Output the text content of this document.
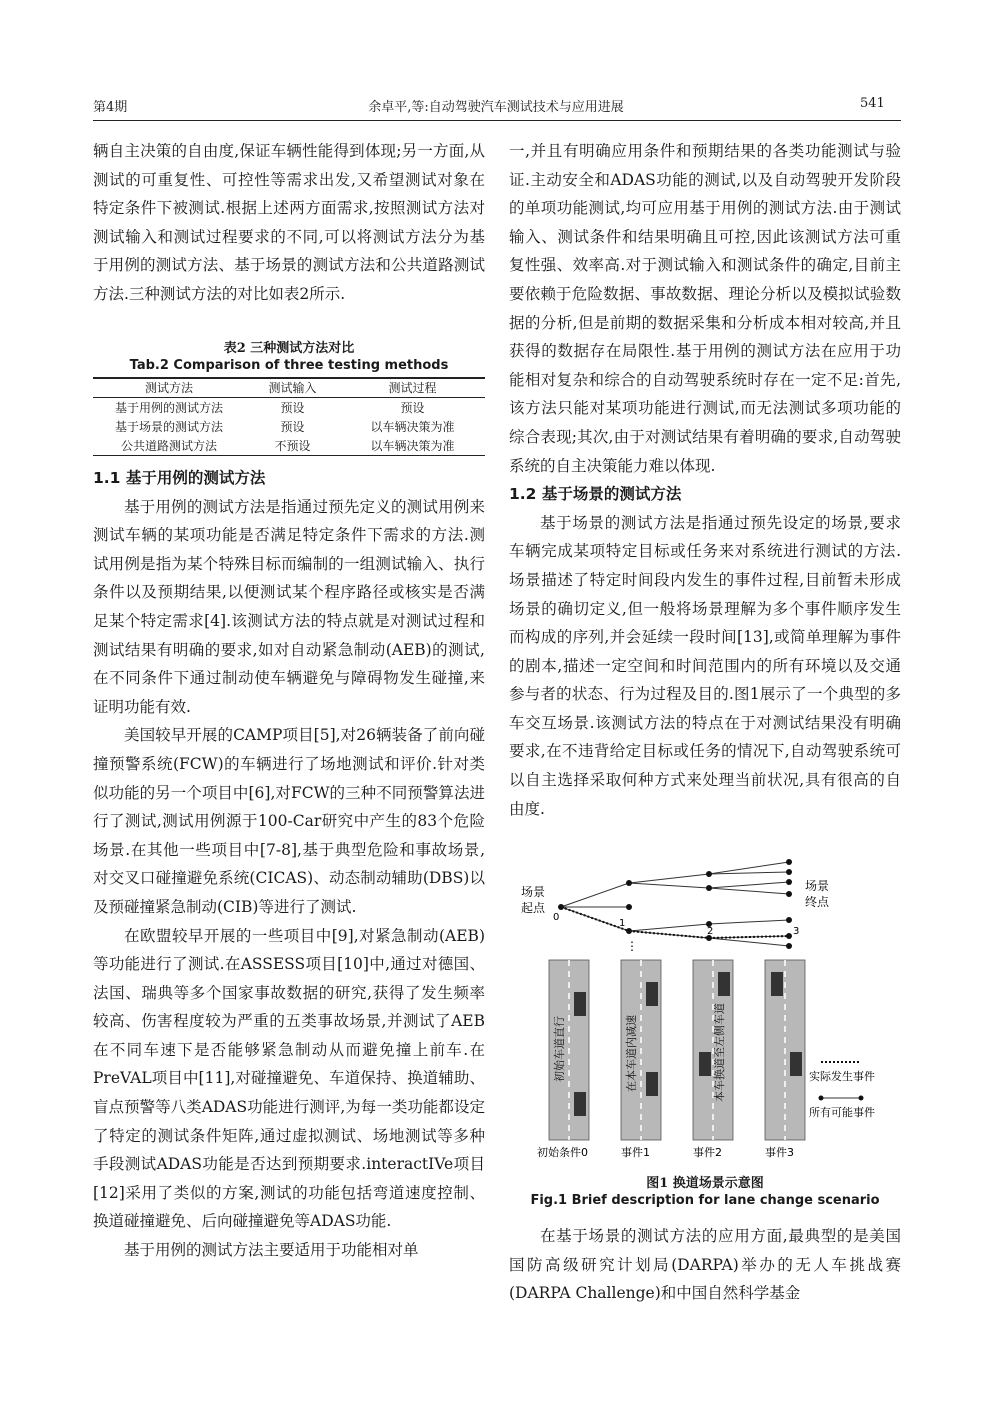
第4期	余卓平,等:自动驾驶汽车测试技术与应用进展	541

辆自主决策的自由度,保证车辆性能得到体现;另一方面,从测试的可重复性、可控性等需求出发,又希望测试对象在特定条件下被测试.根据上述两方面需求,按照测试方法对测试输入和测试过程要求的不同,可以将测试方法分为基于用例的测试方法、基于场景的测试方法和公共道路测试方法.三种测试方法的对比如表2所示.

表2 三种测试方法对比
Tab.2 Comparison of three testing methods
测试方法	测试输入	测试过程
基于用例的测试方法	预设	预设
基于场景的测试方法	预设	以车辆决策为准
公共道路测试方法	不预设	以车辆决策为准
1.1 基于用例的测试方法

基于用例的测试方法是指通过预先定义的测试用例来测试车辆的某项功能是否满足特定条件下需求的方法.测试用例是指为某个特殊目标而编制的一组测试输入、执行条件以及预期结果,以便测试某个程序路径或核实是否满足某个特定需求[4].该测试方法的特点就是对测试过程和测试结果有明确的要求,如对自动紧急制动(AEB)的测试,在不同条件下通过制动使车辆避免与障碍物发生碰撞,来证明功能有效.

美国较早开展的CAMP项目[5],对26辆装备了前向碰撞预警系统(FCW)的车辆进行了场地测试和评价.针对类似功能的另一个项目中[6],对FCW的三种不同预警算法进行了测试,测试用例源于100-Car研究中产生的83个危险场景.在其他一些项目中[7-8],基于典型危险和事故场景,对交叉口碰撞避免系统(CICAS)、动态制动辅助(DBS)以及预碰撞紧急制动(CIB)等进行了测试.

在欧盟较早开展的一些项目中[9],对紧急制动(AEB)等功能进行了测试.在ASSESS项目[10]中,通过对德国、法国、瑞典等多个国家事故数据的研究,获得了发生频率较高、伤害程度较为严重的五类事故场景,并测试了AEB在不同车速下是否能够紧急制动从而避免撞上前车.在PreVAL项目中[11],对碰撞避免、车道保持、换道辅助、盲点预警等八类ADAS功能进行测评,为每一类功能都设定了特定的测试条件矩阵,通过虚拟测试、场地测试等多种手段测试ADAS功能是否达到预期要求.interactIVe项目[12]采用了类似的方案,测试的功能包括弯道速度控制、换道碰撞避免、后向碰撞避免等ADAS功能.

基于用例的测试方法主要适用于功能相对单

一,并且有明确应用条件和预期结果的各类功能测试与验证.主动安全和ADAS功能的测试,以及自动驾驶开发阶段的单项功能测试,均可应用基于用例的测试方法.由于测试输入、测试条件和结果明确且可控,因此该测试方法可重复性强、效率高.对于测试输入和测试条件的确定,目前主要依赖于危险数据、事故数据、理论分析以及模拟试验数据的分析,但是前期的数据采集和分析成本相对较高,并且获得的数据存在局限性.基于用例的测试方法在应用于功能相对复杂和综合的自动驾驶系统时存在一定不足:首先,该方法只能对某项功能进行测试,而无法测试多项功能的综合表现;其次,由于对测试结果有着明确的要求,自动驾驶系统的自主决策能力难以体现.

1.2 基于场景的测试方法

基于场景的测试方法是指通过预先设定的场景,要求车辆完成某项特定目标或任务来对系统进行测试的方法.场景描述了特定时间段内发生的事件过程,目前暂未形成场景的确切定义,但一般将场景理解为多个事件顺序发生而构成的序列,并会延续一段时间[13],或简单理解为事件的剧本,描述一定空间和时间范围内的所有环境以及交通参与者的状态、行为过程及目的.图1展示了一个典型的多车交互场景.该测试方法的特点在于对测试结果没有明确要求,在不违背给定目标或任务的情况下,自动驾驶系统可以自主选择采取何种方式来处理当前状况,具有很高的自由度.

场景
起点
0
场景
终点
1
2	3
⋮
初始车道直行	在本车道内减速	本车换道至左侧车道
初始条件0	事件1	事件2	事件3
实际发生事件
所有可能事件
图1 换道场景示意图
Fig.1 Brief description for lane change scenario

在基于场景的测试方法的应用方面,最典型的是美国国防高级研究计划局(DARPA)举办的无人车挑战赛(DARPA Challenge)和中国自然科学基金
